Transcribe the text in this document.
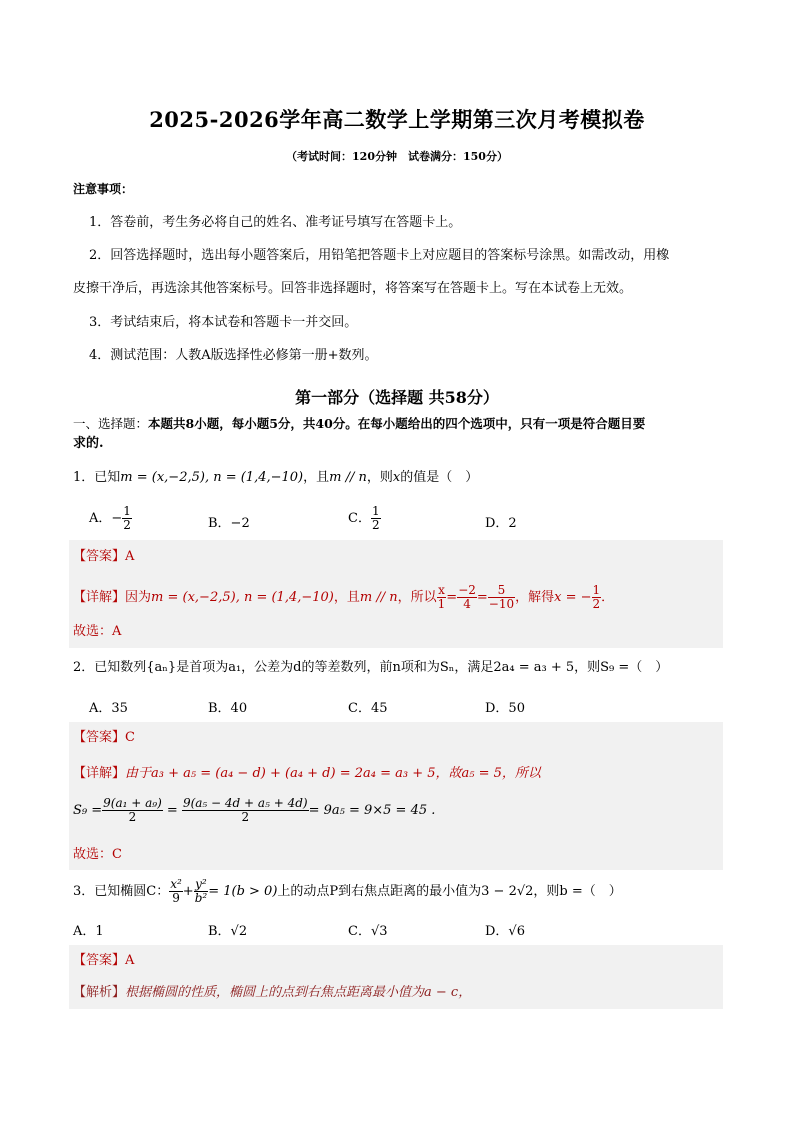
2025-2026学年高二数学上学期第三次月考模拟卷
（考试时间：120分钟　试卷满分：150分）
注意事项：
1．答卷前，考生务必将自己的姓名、准考证号填写在答题卡上。
2．回答选择题时，选出每小题答案后，用铅笔把答题卡上对应题目的答案标号涂黑。如需改动，用橡
皮擦干净后，再选涂其他答案标号。回答非选择题时，将答案写在答题卡上。写在本试卷上无效。
3．考试结束后，将本试卷和答题卡一并交回。
4．测试范围：人教A版选择性必修第一册+数列。
第一部分（选择题 共58分）
一、选择题：本题共8小题，每小题5分，共40分。在每小题给出的四个选项中，只有一项是符合题目要
求的.
1．已知m = (x,−2,5), n = (1,4,−10)，且m // n，则x的值是（　）
A．− $\frac{1}{2}$	B．−2	C． $\frac{1}{2}$	D．2
【答案】A
【详解】因为m = (x,−2,5), n = (1,4,−10)，且m // n，所以 $\frac{x}{1} = \frac{-2}{4} = \frac{5}{-10}$ ，解得x = − $\frac{1}{2}$ ．
故选：A
2．已知数列{aₙ}是首项为a₁，公差为d的等差数列，前n项和为Sₙ，满足2a₄ = a₃ + 5，则S₉ =（　）
A．35	B．40	C．45	D．50
【答案】C
【详解】由于a₃ + a₅ = (a₄ − d) + (a₄ + d) = 2a₄ = a₃ + 5，故a₅ = 5，所以
$S_9 = \frac{\text{9(a₁ + a₉)}}{2} = \frac{\text{9(a₅ − 4d + a₅ + 4d)}}{2} = 9a_5 = 9\times 5 = 45$ .
故选：C
3．已知椭圆C： $\frac{\text{x²}}{9} + \frac{\text{y²}}{\text{b²}} = 1(b > 0)$上的动点P到右焦点距离的最小值为3 − 2√2，则b =（　）
A．1	B．√2	C．√3	D．√6
【答案】A
【解析】根据椭圆的性质，椭圆上的点到右焦点距离最小值为a − c，
